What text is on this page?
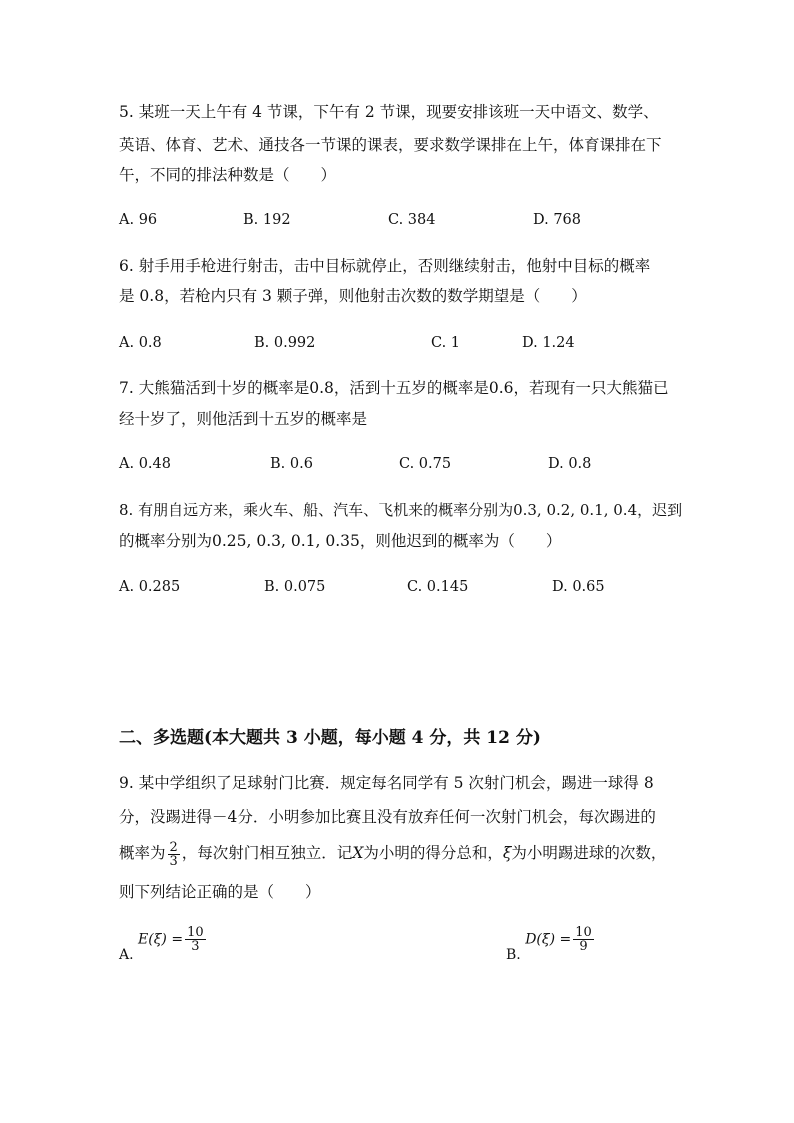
5. 某班一天上午有 4 节课，下午有 2 节课，现要安排该班一天中语文、数学、
英语、体育、艺术、通技各一节课的课表，要求数学课排在上午，体育课排在下
午，不同的排法种数是（　　）
A. 96	B. 192	C. 384	D. 768
6. 射手用手枪进行射击，击中目标就停止，否则继续射击，他射中目标的概率
是 0.8，若枪内只有 3 颗子弹，则他射击次数的数学期望是（　　）
A. 0.8	B. 0.992	C. 1	D. 1.24
7. 大熊猫活到十岁的概率是0.8，活到十五岁的概率是0.6，若现有一只大熊猫已
经十岁了，则他活到十五岁的概率是
A. 0.48	B. 0.6	C. 0.75	D. 0.8
8. 有朋自远方来，乘火车、船、汽车、飞机来的概率分别为0.3, 0.2, 0.1, 0.4，迟到
的概率分别为0.25, 0.3, 0.1, 0.35，则他迟到的概率为（　　）
A. 0.285	B. 0.075	C. 0.145	D. 0.65
二、多选题(本大题共 3 小题，每小题 4 分，共 12 分)
9. 某中学组织了足球射门比赛．规定每名同学有 5 次射门机会，踢进一球得 8
分，没踢进得－4分．小明参加比赛且没有放弃任何一次射门机会，每次踢进的
概率为 $\frac{2}{3}$ ，每次射门相互独立．记X为小明的得分总和，ξ为小明踢进球的次数，
则下列结论正确的是（　　）
A. $E(\xi) = \frac{10}{3}$
B. $D(\xi) = \frac{10}{9}$
